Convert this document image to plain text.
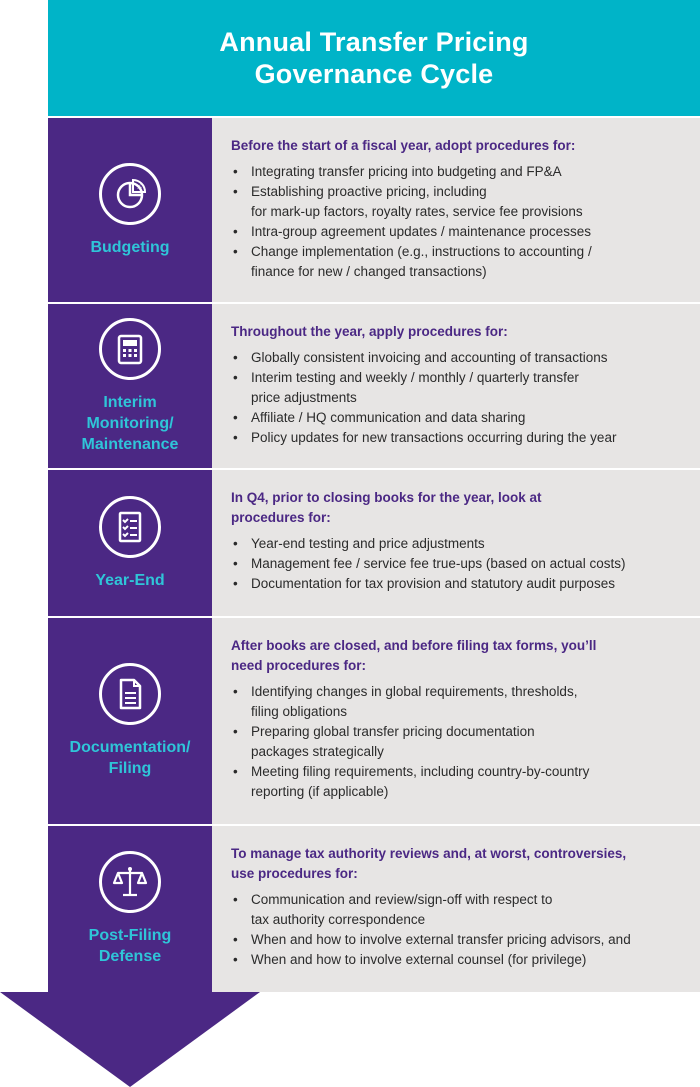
Annual Transfer Pricing Governance Cycle
%
Budgeting
Before the start of a fiscal year, adopt procedures for:
• Integrating transfer pricing into budgeting and FP&A
• Establishing proactive pricing, including
for mark-up factors, royalty rates, service fee provisions
• Intra-group agreement updates / maintenance processes
• Change implementation (e.g., instructions to accounting /
finance for new / changed transactions)
Interim
Monitoring/
Maintenance
Throughout the year, apply procedures for:
• Globally consistent invoicing and accounting of transactions
• Interim testing and weekly / monthly / quarterly transfer
price adjustments
• Affiliate / HQ communication and data sharing
• Policy updates for new transactions occurring during the year
Year-End
In Q4, prior to closing books for the year, look at
procedures for:
• Year-end testing and price adjustments
• Management fee / service fee true-ups (based on actual costs)
• Documentation for tax provision and statutory audit purposes
Documentation/
Filing
After books are closed, and before filing tax forms, you’ll
need procedures for:
• Identifying changes in global requirements, thresholds,
filing obligations
• Preparing global transfer pricing documentation
packages strategically
• Meeting filing requirements, including country-by-country
reporting (if applicable)
Post-Filing
Defense
To manage tax authority reviews and, at worst, controversies,
use procedures for:
• Communication and review/sign-off with respect to
tax authority correspondence
• When and how to involve external transfer pricing advisors, and
• When and how to involve external counsel (for privilege)
